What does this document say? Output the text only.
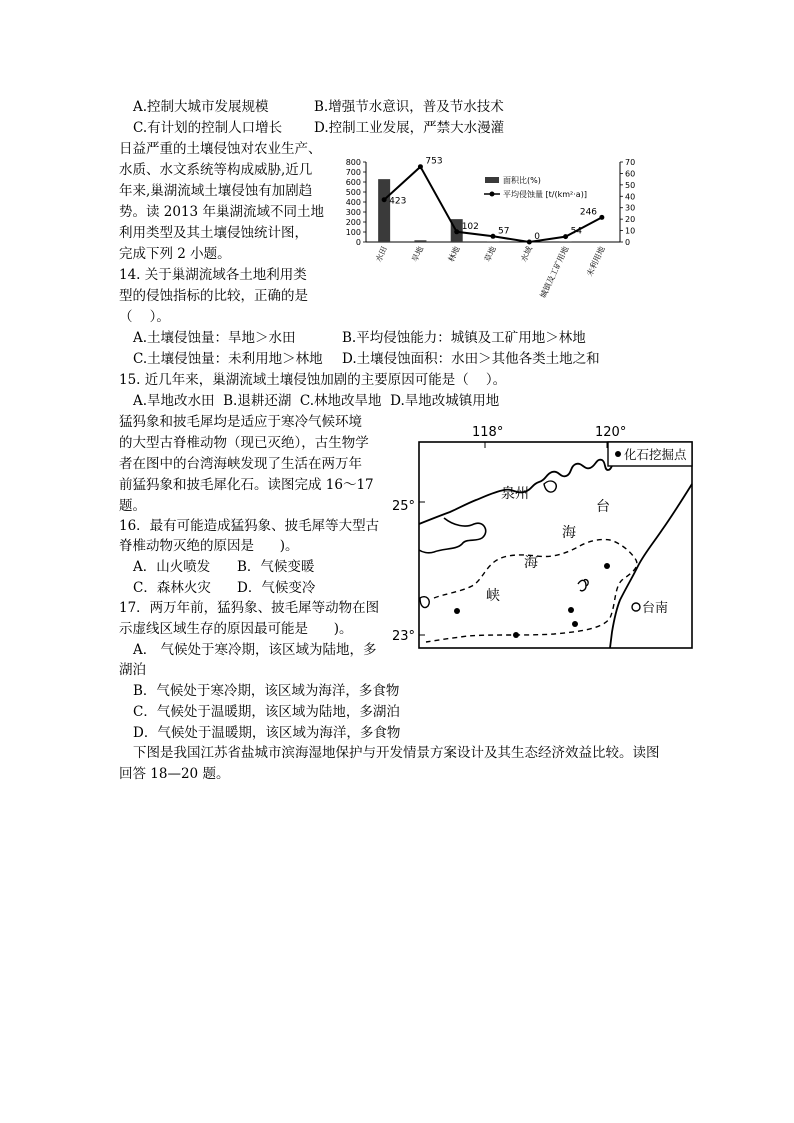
A.控制大城市发展规模	B.增强节水意识，普及节水技术
C.有计划的控制人口增长 D.控制工业发展，严禁大水漫灌
日益严重的土壤侵蚀对农业生产、
水质、水文系统等构成威胁,近几
年来,巢湖流域土壤侵蚀有加剧趋
势。读 2013 年巢湖流域不同土地
利用类型及其土壤侵蚀统计图，
完成下列 2 小题。
14. 关于巢湖流域各土地利用类
型的侵蚀指标的比较，正确的是
（    ）。
A.土壤侵蚀量：旱地＞水田	B.平均侵蚀能力：城镇及工矿用地＞林地
C.土壤侵蚀量：未利用地＞林地 D.土壤侵蚀面积：水田＞其他各类土地之和
15. 近几年来，巢湖流域土壤侵蚀加剧的主要原因可能是（    ）。
A.旱地改水田  B.退耕还湖  C.林地改旱地  D.旱地改城镇用地
猛犸象和披毛犀均是适应于寒冷气候环境
的大型古脊椎动物（现已灭绝），古生物学
者在图中的台湾海峡发现了生活在两万年
前猛犸象和披毛犀化石。读图完成 16～17
题。
16．最有可能造成猛犸象、披毛犀等大型古
脊椎动物灭绝的原因是      )。
A．山火喷发 B．气候变暖
C．森林火灾 D．气候变冷
17．两万年前，猛犸象、披毛犀等动物在图
示虚线区域生存的原因最可能是      )。
A． 气候处于寒冷期，该区域为陆地，多
湖泊
B．气候处于寒冷期，该区域为海洋，多食物
C．气候处于温暖期，该区域为陆地，多湖泊
D．气候处于温暖期，该区域为海洋，多食物
下图是我国江苏省盐城市滨海湿地保护与开发情景方案设计及其生态经济效益比较。读图
回答 18—20 题。
0
100
200
300
400
500
600
700
800
0
10
20
30
40
50
60
70
423
753
102 57
0
54
246
水田	旱地	林地	草地	水域 城镇及工矿用地 未利用地
面积比(%)
平均侵蚀量 [t/(km²·a)]
118°	120°
25°
23°
台南
泉州
台
海
海
峡
化石挖掘点
